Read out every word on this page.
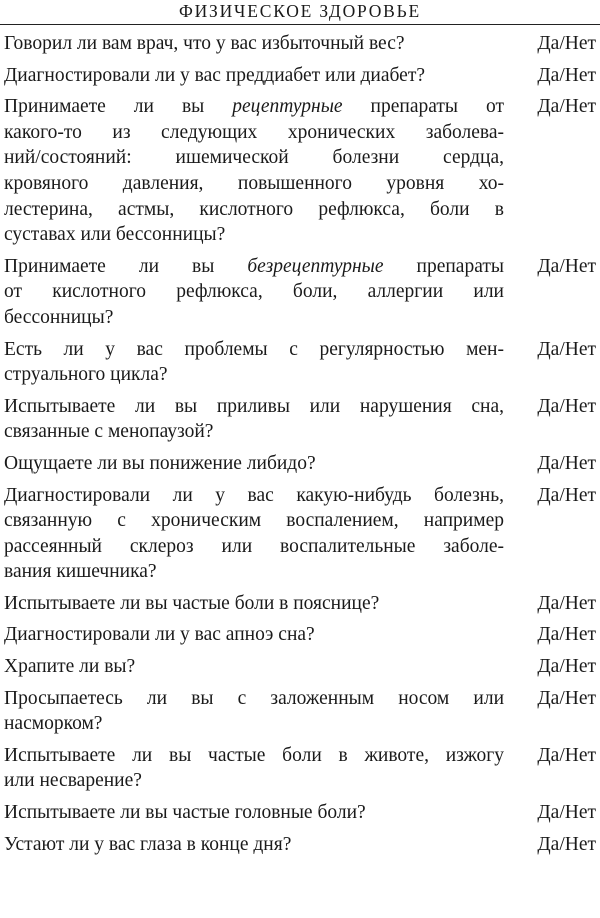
ФИЗИЧЕСКОЕ ЗДОРОВЬЕ
Говорил ли вам врач, что у вас избыточный вес?	Да/Нет
Диагностировали ли у вас преддиабет или диабет?	Да/Нет
Принимаете ли вы рецептурные препараты от
какого-то из следующих хронических заболева-
ний/состояний: ишемической болезни сердца,
кровяного давления, повышенного уровня хо-
лестерина, астмы, кислотного рефлюкса, боли в
суставах или бессонницы?
Да/Нет
Принимаете ли вы безрецептурные препараты
от кислотного рефлюкса, боли, аллергии или
бессонницы?
Да/Нет
Есть ли у вас проблемы с регулярностью мен-
струального цикла?
Да/Нет
Испытываете ли вы приливы или нарушения сна,
связанные с менопаузой?
Да/Нет
Ощущаете ли вы понижение либидо?	Да/Нет
Диагностировали ли у вас какую-нибудь болезнь,
связанную с хроническим воспалением, например
рассеянный склероз или воспалительные заболе-
вания кишечника?
Да/Нет
Испытываете ли вы частые боли в пояснице?	Да/Нет
Диагностировали ли у вас апноэ сна?	Да/Нет
Храпите ли вы?	Да/Нет
Просыпаетесь ли вы с заложенным носом или
насморком?
Да/Нет
Испытываете ли вы частые боли в животе, изжогу
или несварение?
Да/Нет
Испытываете ли вы частые головные боли?	Да/Нет
Устают ли у вас глаза в конце дня?	Да/Нет
